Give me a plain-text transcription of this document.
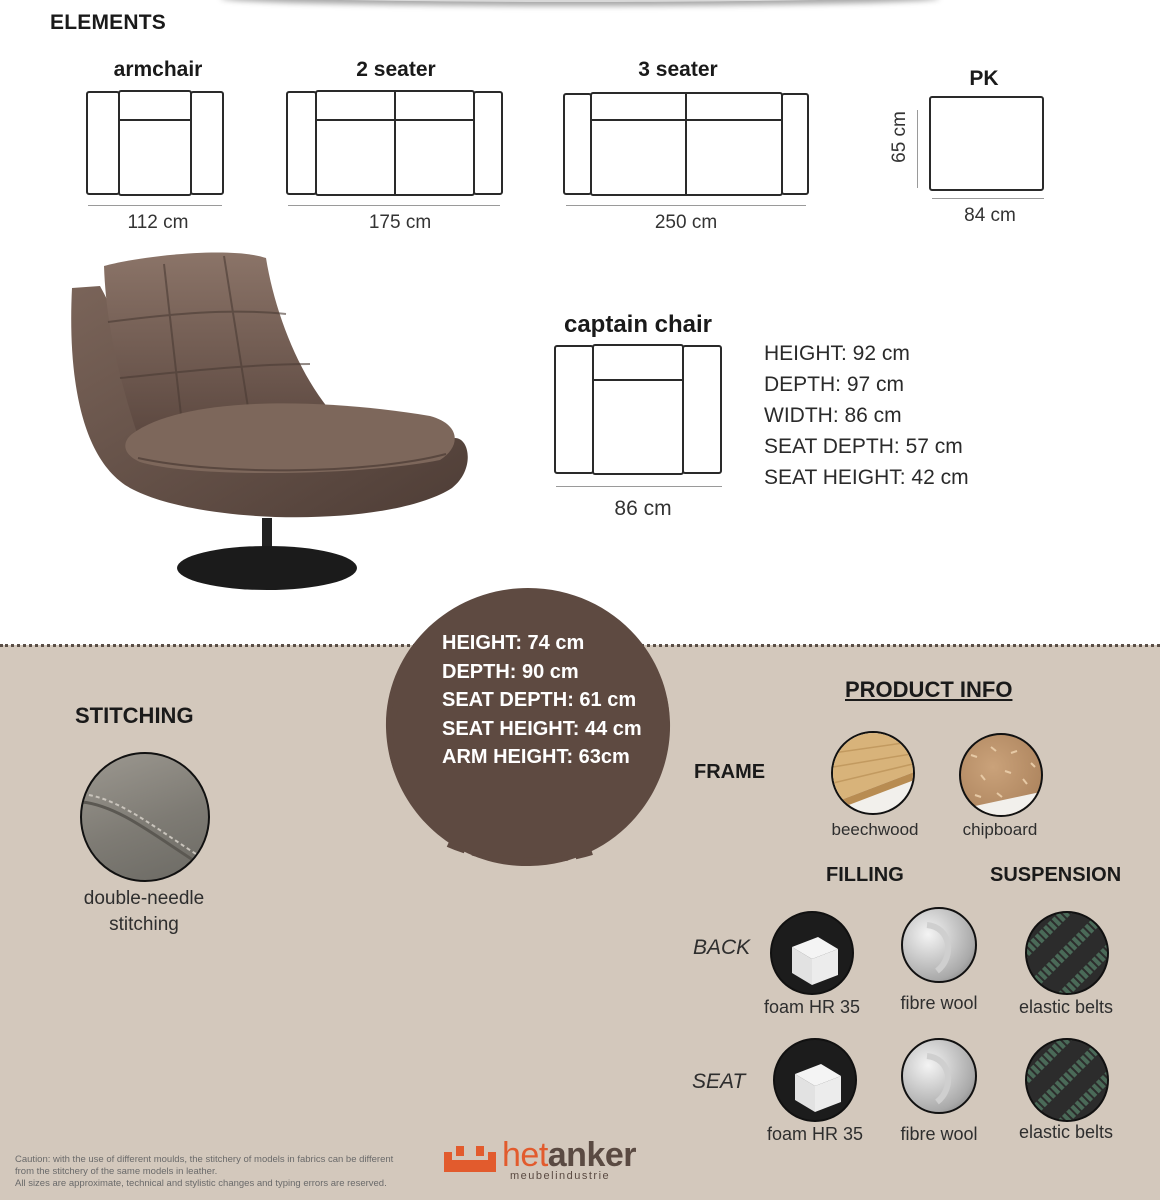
ELEMENTS
armchair
112 cm
2 seater
175 cm
3 seater
250 cm
PK
65 cm
84 cm
captain chair
86 cm
HEIGHT: 92 cm
DEPTH: 97 cm
WIDTH: 86 cm
SEAT DEPTH: 57 cm
SEAT HEIGHT: 42 cm
HEIGHT: 74 cm
DEPTH: 90 cm
SEAT DEPTH: 61 cm
SEAT HEIGHT: 44 cm
ARM HEIGHT: 63cm
STITCHING
double-needle
stitching
PRODUCT INFO
FRAME
beechwood	chipboard
FILLING	SUSPENSION
BACK
foam HR 35	fibre wool	elastic belts
SEAT
foam HR 35	fibre wool	elastic belts
Caution: with the use of different moulds, the stitchery of models in fabrics can be different
from the stitchery of the same models in leather.
All sizes are approximate, technical and stylistic changes and typing errors are reserved.
hetanker
meubelindustrie
